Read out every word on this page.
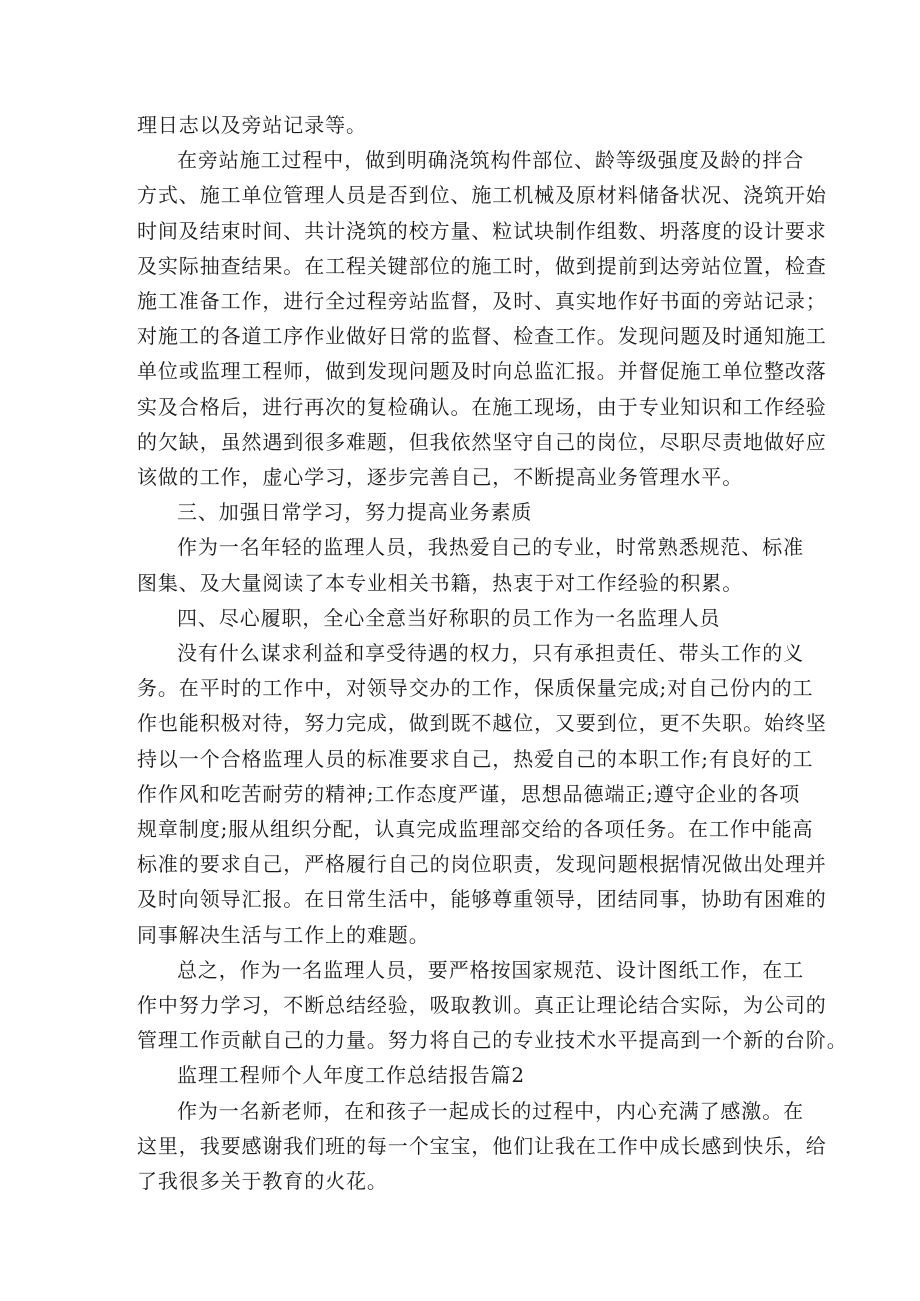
理日志以及旁站记录等。

在旁站施工过程中，做到明确浇筑构件部位、龄等级强度及龄的拌合
方式、施工单位管理人员是否到位、施工机械及原材料储备状况、浇筑开始
时间及结束时间、共计浇筑的校方量、粒试块制作组数、坍落度的设计要求
及实际抽查结果。在工程关键部位的施工时，做到提前到达旁站位置，检查
施工准备工作，进行全过程旁站监督，及时、真实地作好书面的旁站记录；
对施工的各道工序作业做好日常的监督、检查工作。发现问题及时通知施工
单位或监理工程师，做到发现问题及时向总监汇报。并督促施工单位整改落
实及合格后，进行再次的复检确认。在施工现场，由于专业知识和工作经验
的欠缺，虽然遇到很多难题，但我依然坚守自己的岗位，尽职尽责地做好应
该做的工作，虚心学习，逐步完善自己，不断提高业务管理水平。

三、加强日常学习，努力提高业务素质

作为一名年轻的监理人员，我热爱自己的专业，时常熟悉规范、标准
图集、及大量阅读了本专业相关书籍，热衷于对工作经验的积累。

四、尽心履职，全心全意当好称职的员工作为一名监理人员

没有什么谋求利益和享受待遇的权力，只有承担责任、带头工作的义
务。在平时的工作中，对领导交办的工作，保质保量完成;对自己份内的工
作也能积极对待，努力完成，做到既不越位，又要到位，更不失职。始终坚
持以一个合格监理人员的标准要求自己，热爱自己的本职工作;有良好的工
作作风和吃苦耐劳的精神;工作态度严谨，思想品德端正;遵守企业的各项
规章制度;服从组织分配，认真完成监理部交给的各项任务。在工作中能高
标准的要求自己，严格履行自己的岗位职责，发现问题根据情况做出处理并
及时向领导汇报。在日常生活中，能够尊重领导，团结同事，协助有困难的
同事解决生活与工作上的难题。

总之，作为一名监理人员，要严格按国家规范、设计图纸工作，在工
作中努力学习，不断总结经验，吸取教训。真正让理论结合实际，为公司的
管理工作贡献自己的力量。努力将自己的专业技术水平提高到一个新的台阶。

监理工程师个人年度工作总结报告篇2

作为一名新老师，在和孩子一起成长的过程中，内心充满了感激。在
这里，我要感谢我们班的每一个宝宝，他们让我在工作中成长感到快乐，给
了我很多关于教育的火花。
